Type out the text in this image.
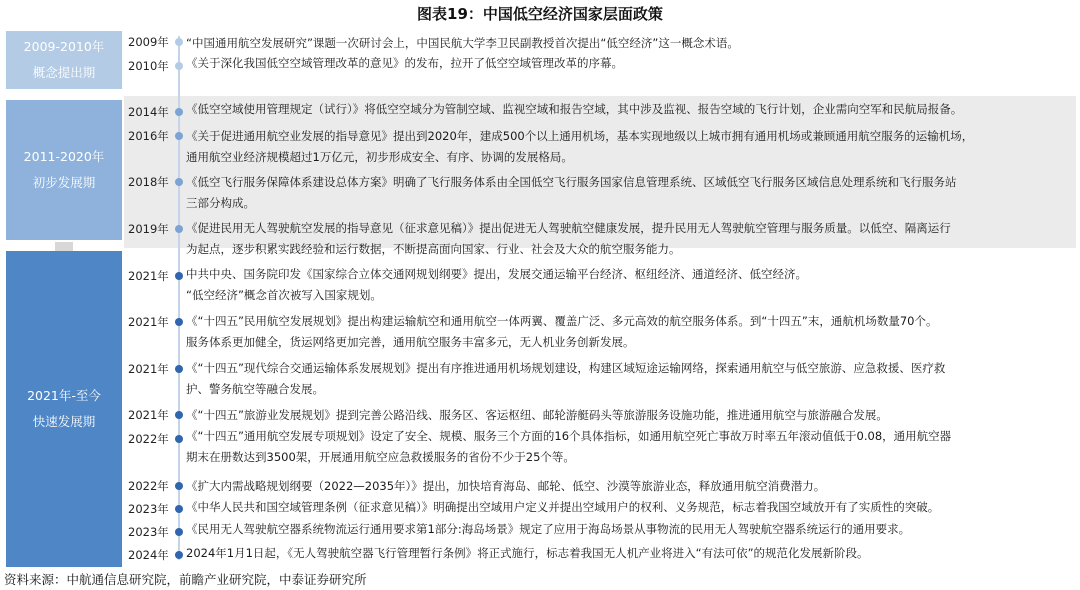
图表19：中国低空经济国家层面政策
2009-2010年
概念提出期
2011-2020年
初步发展期
2021年-至今
快速发展期
2009年	“中国通用航空发展研究”课题一次研讨会上，中国民航大学李卫民副教授首次提出“低空经济”这一概念术语。
2010年	《关于深化我国低空空域管理改革的意见》的发布，拉开了低空空域管理改革的序幕。
2014年	《低空空域使用管理规定（试行）》将低空空域分为管制空域、监视空域和报告空域，其中涉及监视、报告空域的飞行计划，企业需向空军和民航局报备。
2016年	《关于促进通用航空业发展的指导意见》提出到2020年，建成500个以上通用机场，基本实现地级以上城市拥有通用机场或兼顾通用航空服务的运输机场，
通用航空业经济规模超过1万亿元，初步形成安全、有序、协调的发展格局。
2018年	《低空飞行服务保障体系建设总体方案》明确了飞行服务体系由全国低空飞行服务国家信息管理系统、区域低空飞行服务区域信息处理系统和飞行服务站
三部分构成。
2019年	《促进民用无人驾驶航空发展的指导意见（征求意见稿）》提出促进无人驾驶航空健康发展，提升民用无人驾驶航空管理与服务质量。以低空、隔离运行
为起点，逐步积累实践经验和运行数据，不断提高面向国家、行业、社会及大众的航空服务能力。
2021年	中共中央、国务院印发《国家综合立体交通网规划纲要》提出，发展交通运输平台经济、枢纽经济、通道经济、低空经济。
“低空经济”概念首次被写入国家规划。
2021年	《“十四五”民用航空发展规划》提出构建运输航空和通用航空一体两翼、覆盖广泛、多元高效的航空服务体系。到“十四五”末，通航机场数量70个。
服务体系更加健全，货运网络更加完善，通用航空服务丰富多元，无人机业务创新发展。
2021年	《“十四五”现代综合交通运输体系发展规划》提出有序推进通用机场规划建设，构建区域短途运输网络，探索通用航空与低空旅游、应急救援、医疗救
护、警务航空等融合发展。
2021年	《“十四五”旅游业发展规划》提到完善公路沿线、服务区、客运枢纽、邮轮游艇码头等旅游服务设施功能，推进通用航空与旅游融合发展。
2022年	《“十四五”通用航空发展专项规划》设定了安全、规模、服务三个方面的16个具体指标，如通用航空死亡事故万时率五年滚动值低于0.08，通用航空器
期末在册数达到3500架，开展通用航空应急救援服务的省份不少于25个等。
2022年	《扩大内需战略规划纲要（2022—2035年）》提出，加快培育海岛、邮轮、低空、沙漠等旅游业态，释放通用航空消费潜力。
2023年	《中华人民共和国空域管理条例（征求意见稿）》明确提出空域用户定义并提出空域用户的权利、义务规范，标志着我国空域放开有了实质性的突破。
2023年	《民用无人驾驶航空器系统物流运行通用要求第1部分:海岛场景》规定了应用于海岛场景从事物流的民用无人驾驶航空器系统运行的通用要求。
2024年	2024年1月1日起，《无人驾驶航空器飞行管理暂行条例》将正式施行，标志着我国无人机产业将进入“有法可依”的规范化发展新阶段。
资料来源：中航通信息研究院，前瞻产业研究院，中泰证券研究所
